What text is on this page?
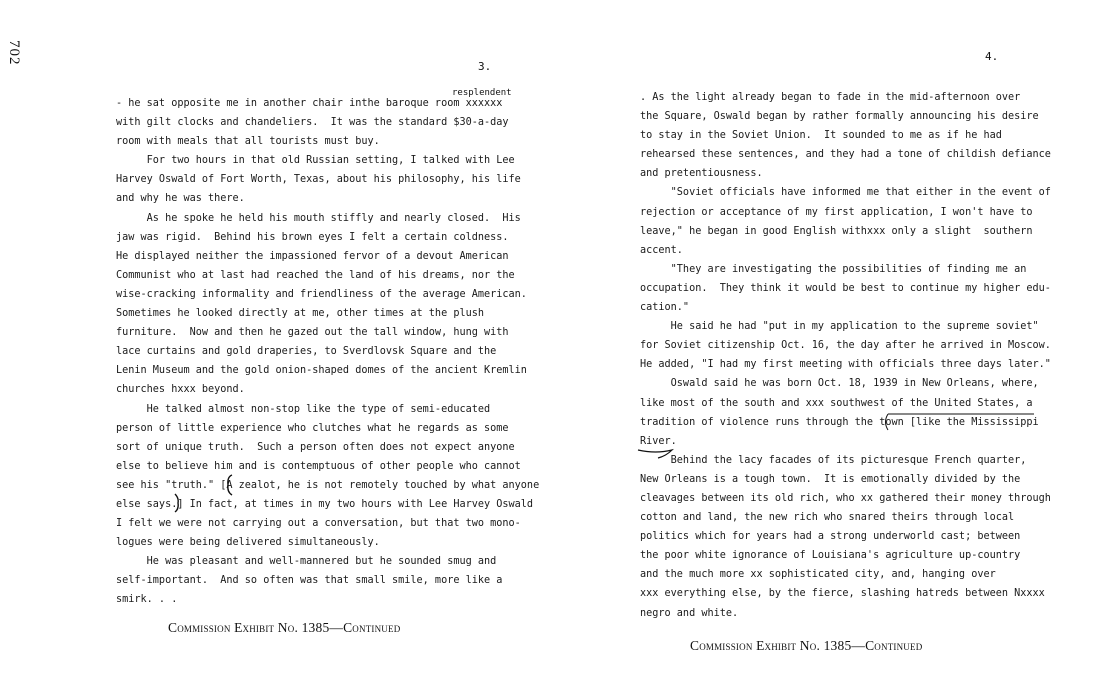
702
3.
resplendent
- he sat opposite me in another chair inthe baroque room xxxxxx
with gilt clocks and chandeliers.  It was the standard $30-a-day
room with meals that all tourists must buy.
For two hours in that old Russian setting, I talked with Lee
Harvey Oswald of Fort Worth, Texas, about his philosophy, his life
and why he was there.
As he spoke he held his mouth stiffly and nearly closed.  His
jaw was rigid.  Behind his brown eyes I felt a certain coldness.
He displayed neither the impassioned fervor of a devout American
Communist who at last had reached the land of his dreams, nor the
wise-cracking informality and friendliness of the average American.
Sometimes he looked directly at me, other times at the plush
furniture.  Now and then he gazed out the tall window, hung with
lace curtains and gold draperies, to Sverdlovsk Square and the
Lenin Museum and the gold onion-shaped domes of the ancient Kremlin
churches hxxx beyond.
He talked almost non-stop like the type of semi-educated
person of little experience who clutches what he regards as some
sort of unique truth.  Such a person often does not expect anyone
else to believe him and is contemptuous of other people who cannot
see his "truth." [A zealot, he is not remotely touched by what anyone
else says.] In fact, at times in my two hours with Lee Harvey Oswald
I felt we were not carrying out a conversation, but that two mono-
logues were being delivered simultaneously.
He was pleasant and well-mannered but he sounded smug and
self-important.  And so often was that small smile, more like a
smirk. . .
Commission Exhibit No. 1385—Continued
4.
. As the light already began to fade in the mid-afternoon over
the Square, Oswald began by rather formally announcing his desire
to stay in the Soviet Union.  It sounded to me as if he had
rehearsed these sentences, and they had a tone of childish defiance
and pretentiousness.
"Soviet officials have informed me that either in the event of
rejection or acceptance of my first application, I won't have to
leave," he began in good English withxxx only a slight  southern
accent.
"They are investigating the possibilities of finding me an
occupation.  They think it would be best to continue my higher edu-
cation."
He said he had "put in my application to the supreme soviet"
for Soviet citizenship Oct. 16, the day after he arrived in Moscow.
He added, "I had my first meeting with officials three days later."
Oswald said he was born Oct. 18, 1939 in New Orleans, where,
like most of the south and xxx southwest of the United States, a
tradition of violence runs through the town [like the Mississippi
River.
Behind the lacy facades of its picturesque French quarter,
New Orleans is a tough town.  It is emotionally divided by the
cleavages between its old rich, who xx gathered their money through
cotton and land, the new rich who snared theirs through local
politics which for years had a strong underworld cast; between
the poor white ignorance of Louisiana's agriculture up-country
and the much more xx sophisticated city, and, hanging over
xxx everything else, by the fierce, slashing hatreds between Nxxxx
negro and white.
Commission Exhibit No. 1385—Continued
